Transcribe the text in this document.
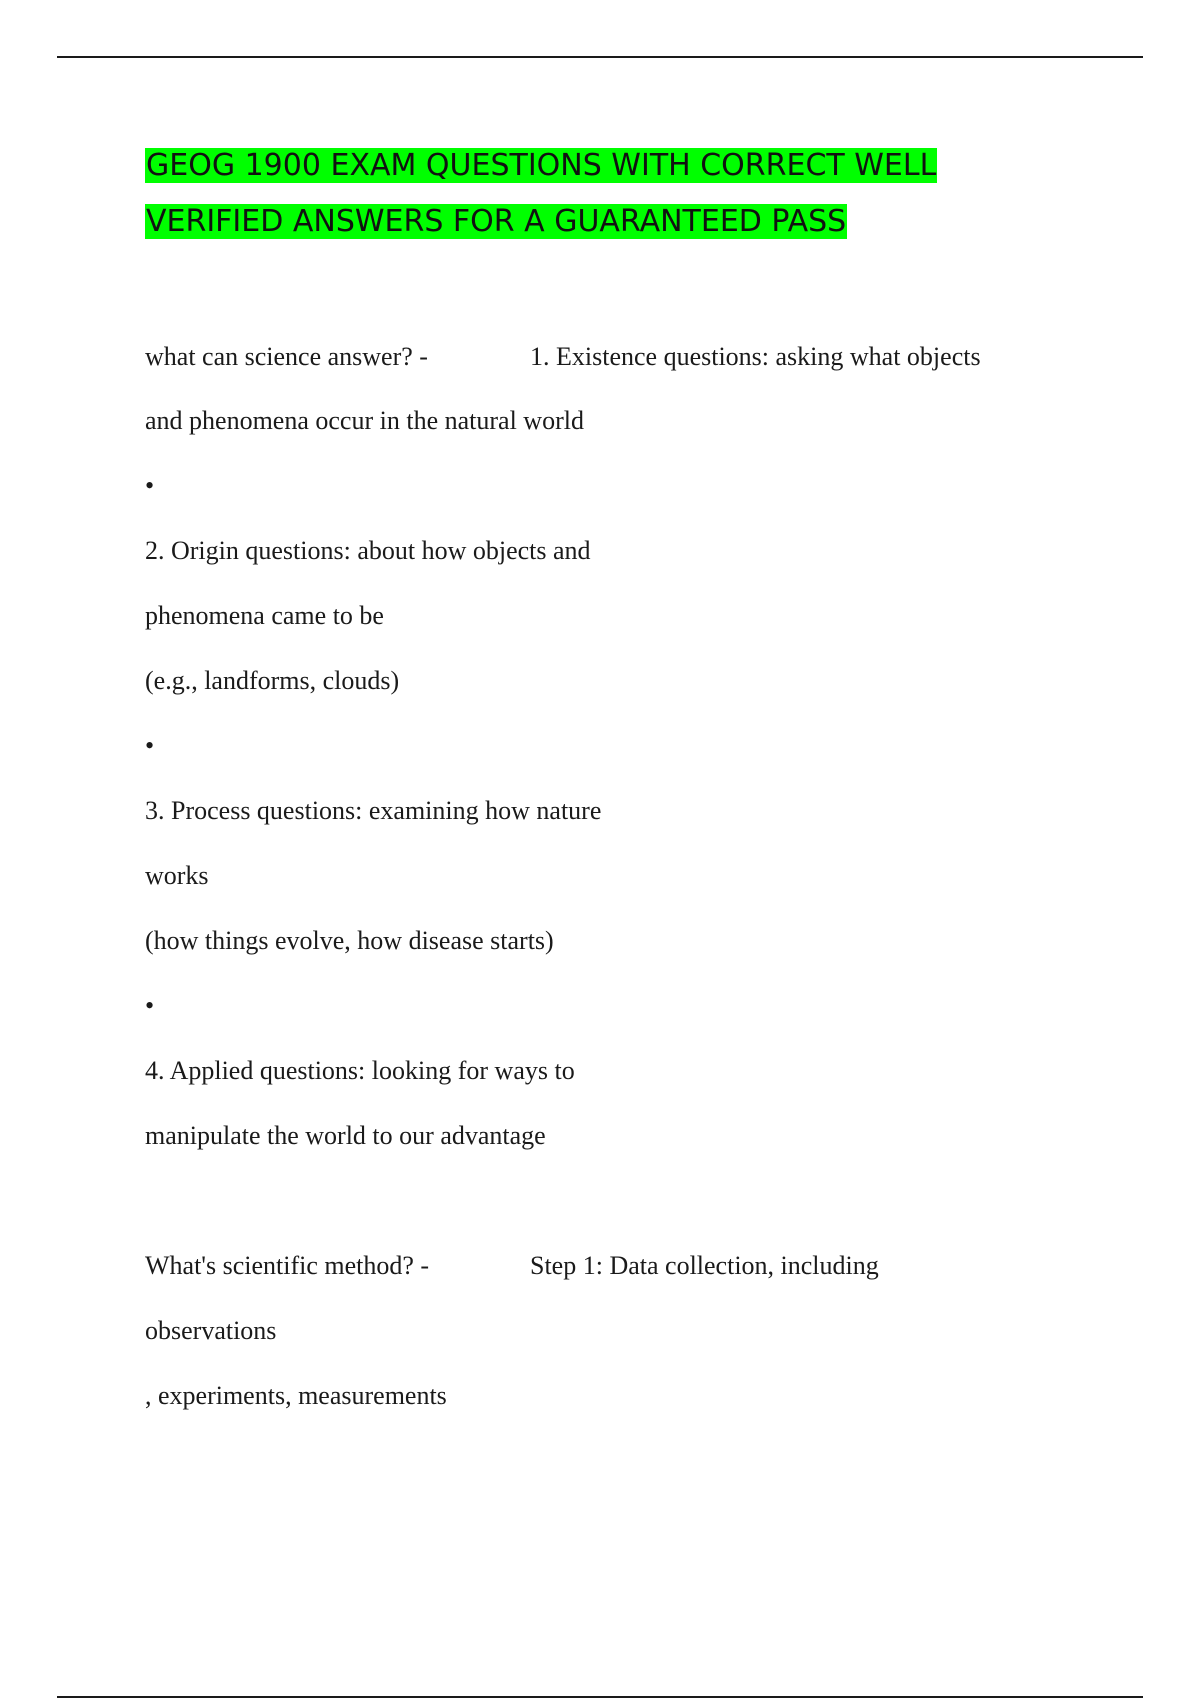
GEOG 1900 EXAM QUESTIONS WITH CORRECT WELL
VERIFIED ANSWERS FOR A GUARANTEED PASS
what can science answer? -	1. Existence questions: asking what objects
and phenomena occur in the natural world
•
2. Origin questions: about how objects and
phenomena came to be
(e.g., landforms, clouds)
•
3. Process questions: examining how nature
works
(how things evolve, how disease starts)
•
4. Applied questions: looking for ways to
manipulate the world to our advantage
What's scientific method? -	Step 1: Data collection, including
observations
, experiments, measurements
